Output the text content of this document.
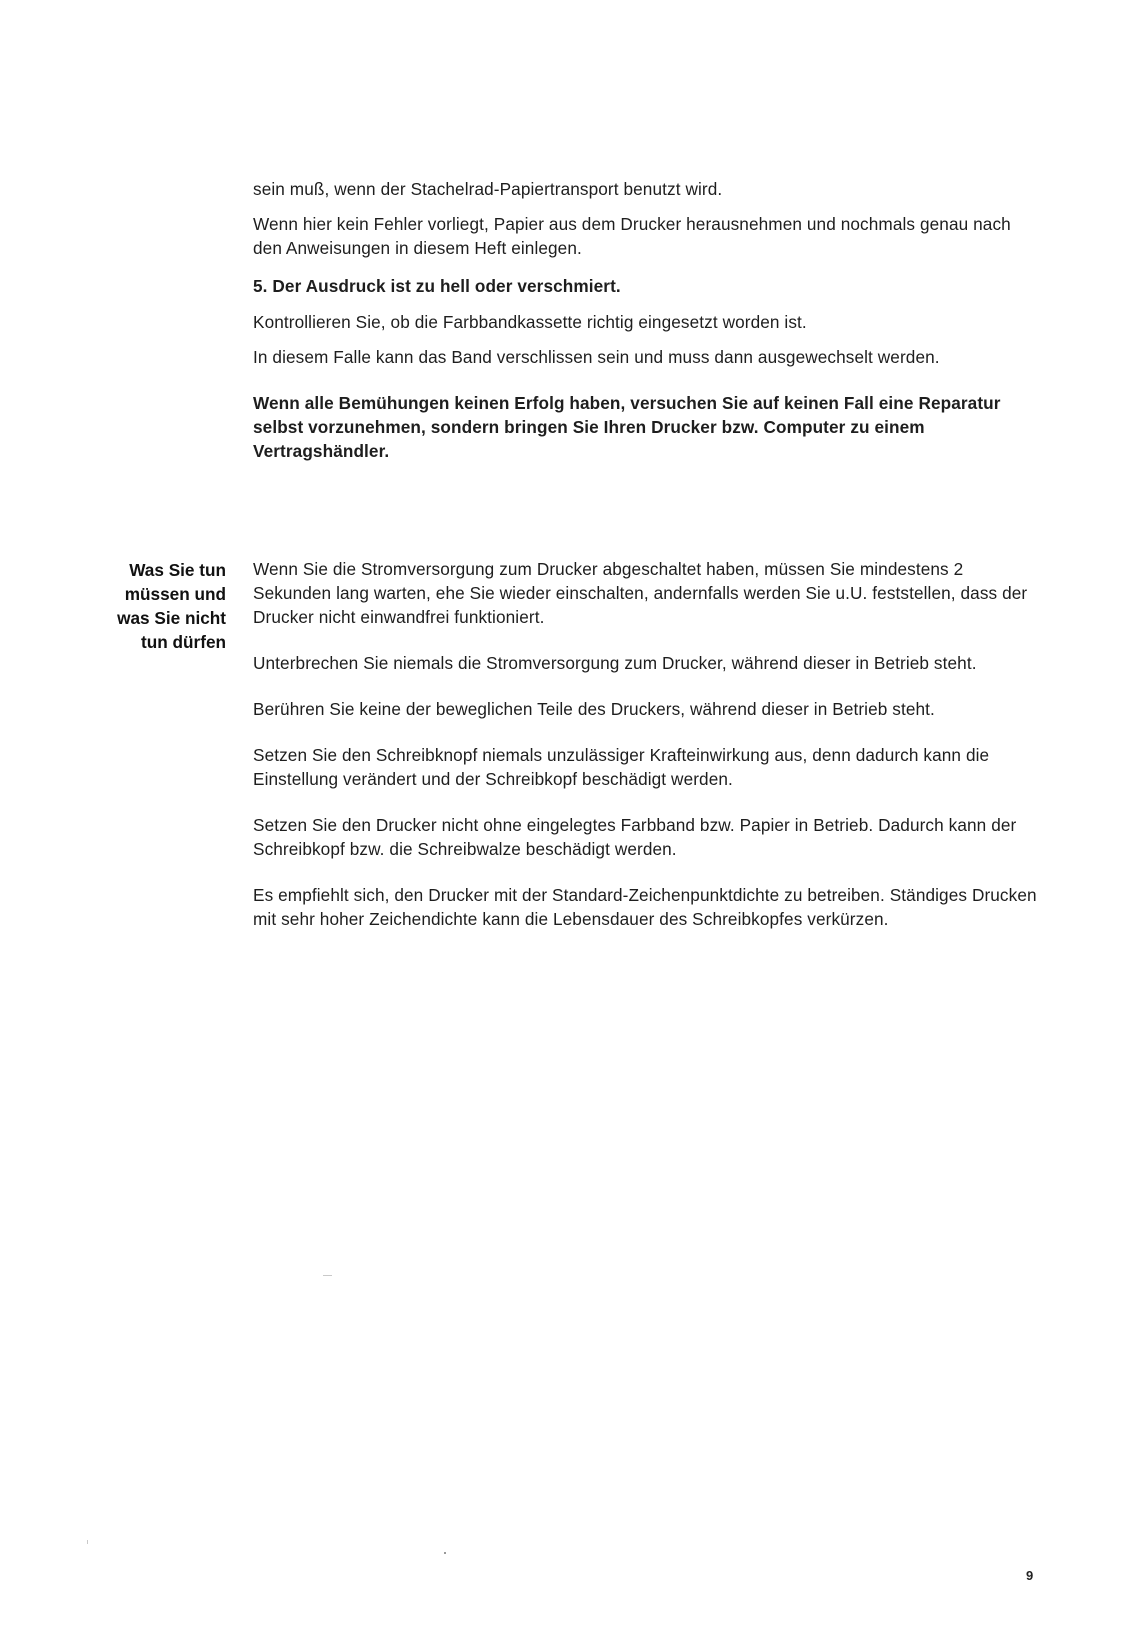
sein muß, wenn der Stachelrad-Papiertransport benutzt wird.

Wenn hier kein Fehler vorliegt, Papier aus dem Drucker herausnehmen und nochmals genau nach den Anweisungen in diesem Heft einlegen.

5. Der Ausdruck ist zu hell oder verschmiert.

Kontrollieren Sie, ob die Farbbandkassette richtig eingesetzt worden ist.

In diesem Falle kann das Band verschlissen sein und muss dann ausgewechselt werden.

Wenn alle Bemühungen keinen Erfolg haben, versuchen Sie auf keinen Fall eine Reparatur selbst vorzunehmen, sondern bringen Sie Ihren Drucker bzw. Computer zu einem Vertragshändler.

Was Sie tun
müssen und
was Sie nicht
tun dürfen

Wenn Sie die Stromversorgung zum Drucker abgeschaltet haben, müssen Sie mindestens 2 Sekunden lang warten, ehe Sie wieder einschalten, andernfalls werden Sie u.U. feststellen, dass der Drucker nicht einwandfrei funktioniert.

Unterbrechen Sie niemals die Stromversorgung zum Drucker, während dieser in Betrieb steht.

Berühren Sie keine der beweglichen Teile des Druckers, während dieser in Betrieb steht.

Setzen Sie den Schreibknopf niemals unzulässiger Krafteinwirkung aus, denn dadurch kann die Einstellung verändert und der Schreibkopf beschädigt werden.

Setzen Sie den Drucker nicht ohne eingelegtes Farbband bzw. Papier in Betrieb. Dadurch kann der Schreibkopf bzw. die Schreibwalze beschädigt werden.

Es empfiehlt sich, den Drucker mit der Standard-Zeichenpunktdichte zu betreiben. Ständiges Drucken mit sehr hoher Zeichendichte kann die Lebensdauer des Schreibkopfes verkürzen.

9
